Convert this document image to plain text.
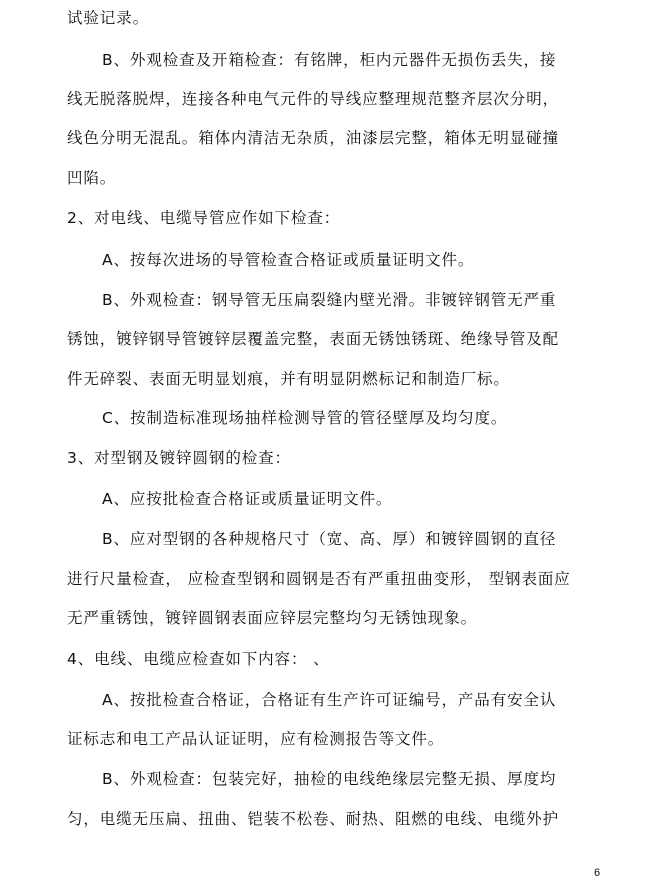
试验记录。
B、外观检查及开箱检查：有铭牌，柜内元器件无损伤丢失，接
线无脱落脱焊，连接各种电气元件的导线应整理规范整齐层次分明，
线色分明无混乱。箱体内清洁无杂质，油漆层完整，箱体无明显碰撞
凹陷。
2、对电线、电缆导管应作如下检查：
A、按每次进场的导管检查合格证或质量证明文件。
B、外观检查：钢导管无压扁裂缝内壁光滑。非镀锌钢管无严重
锈蚀，镀锌钢导管镀锌层覆盖完整，表面无锈蚀锈斑、绝缘导管及配
件无碎裂、表面无明显划痕，并有明显阴燃标记和制造厂标。
C、按制造标准现场抽样检测导管的管径壁厚及均匀度。
3、对型钢及镀锌圆钢的检查：
A、应按批检查合格证或质量证明文件。
B、应对型钢的各种规格尺寸（宽、高、厚）和镀锌圆钢的直径
进行尺量检查， 应检查型钢和圆钢是否有严重扭曲变形， 型钢表面应
无严重锈蚀，镀锌圆钢表面应锌层完整均匀无锈蚀现象。
4、电线、电缆应检查如下内容： 、
A、按批检查合格证，合格证有生产许可证编号，产品有安全认
证标志和电工产品认证证明，应有检测报告等文件。
B、外观检查：包装完好，抽检的电线绝缘层完整无损、厚度均
匀，电缆无压扁、扭曲、铠装不松卷、耐热、阻燃的电线、电缆外护
6
